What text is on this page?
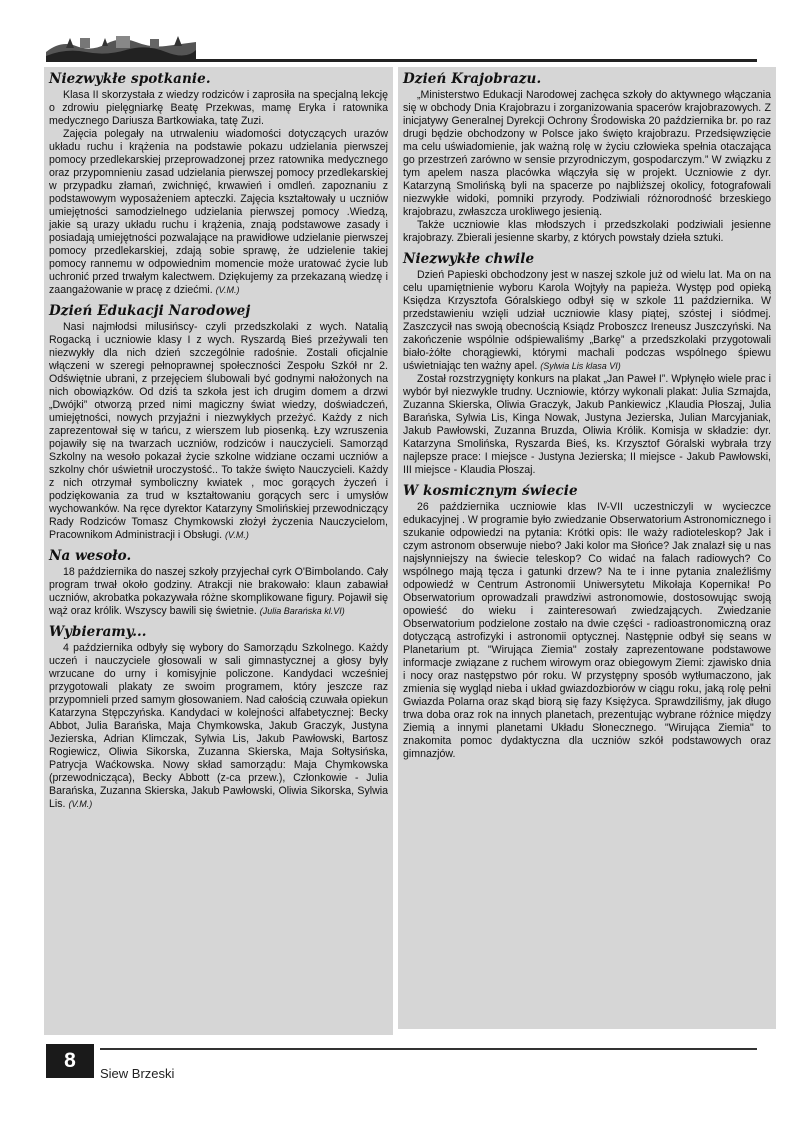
Niezwykłe spotkanie.

Klasa II skorzystała z wiedzy rodziców i zaprosiła na specjalną lekcję o zdrowiu pielęgniarkę Beatę Przekwas, mamę Eryka i ratownika medycznego Dariusza Bartkowiaka, tatę Zuzi.

Zajęcia polegały na utrwaleniu wiadomości dotyczących urazów układu ruchu i krążenia na podstawie pokazu udzielania pierwszej pomocy przedlekarskiej przeprowadzonej przez ratownika medycznego oraz przypomnieniu zasad udzielania pierwszej pomocy przedlekarskiej w przypadku złamań, zwichnięć, krwawień i omdleń. zapoznaniu z podstawowym wyposażeniem apteczki. Zajęcia kształtowały u uczniów umiejętności samodzielnego udzielania pierwszej pomocy .Wiedzą, jakie są urazy układu ruchu i krążenia, znają podstawowe zasady i posiadają umiejętności pozwalające na prawidłowe udzielanie pierwszej pomocy przedlekarskiej, zdają sobie sprawę, że udzielenie takiej pomocy rannemu w odpowiednim momencie może uratować życie lub uchronić przed trwałym kalectwem. Dziękujemy za przekazaną wiedzę i zaangażowanie w pracę z dziećmi. (V.M.)

Dzień Edukacji Narodowej

Nasi najmłodsi milusińscy- czyli przedszkolaki z wych. Natalią Rogacką i uczniowie klasy I z wych. Ryszardą Bieś przeżywali ten niezwykły dla nich dzień szczególnie radośnie. Zostali oficjalnie włączeni w szeregi pełnoprawnej społeczności Zespołu Szkół nr 2. Odświętnie ubrani, z przejęciem ślubowali być godnymi nałożonych na nich obowiązków. Od dziś ta szkoła jest ich drugim domem a drzwi „Dwójki” otworzą przed nimi magiczny świat wiedzy, doświadczeń, umiejętności, nowych przyjaźni i niezwykłych przeżyć. Każdy z nich zaprezentował się w tańcu, z wierszem lub piosenką. Łzy wzruszenia pojawiły się na twarzach uczniów, rodziców i nauczycieli. Samorząd Szkolny na wesoło pokazał życie szkolne widziane oczami uczniów a szkolny chór uświetnił uroczystość.. To także święto Nauczycieli. Każdy z nich otrzymał symboliczny kwiatek , moc gorących życzeń i podziękowania za trud w kształtowaniu gorących serc i umysłów wychowanków. Na ręce dyrektor Katarzyny Smolińskiej przewodniczący Rady Rodziców Tomasz Chymkowski złożył życzenia Nauczycielom, Pracownikom Administracji i Obsługi. (V.M.)

Na wesoło.

18 października do naszej szkoły przyjechał cyrk O'Bimbolando. Cały program trwał około godziny. Atrakcji nie brakowało: klaun zabawiał uczniów, akrobatka pokazywała różne skomplikowane figury. Pojawił się wąż oraz królik. Wszyscy bawili się świetnie. (Julia Barańska kl.VI)

Wybieramy...

4 października odbyły się wybory do Samorządu Szkolnego. Każdy uczeń i nauczyciele głosowali w sali gimnastycznej a głosy były wrzucane do urny i komisyjnie policzone. Kandydaci wcześniej przygotowali plakaty ze swoim programem, który jeszcze raz przypomnieli przed samym głosowaniem. Nad całością czuwała opiekun Katarzyna Stępczyńska. Kandydaci w kolejności alfabetycznej: Becky Abbot, Julia Barańska, Maja Chymkowska, Jakub Graczyk, Justyna Jezierska, Adrian Klimczak, Sylwia Lis, Jakub Pawłowski, Bartosz Rogiewicz, Oliwia Sikorska, Zuzanna Skierska, Maja Sołtysińska, Patrycja Waćkowska. Nowy skład samorządu: Maja Chymkowska (przewodnicząca), Becky Abbott (z-ca przew.), Członkowie - Julia Barańska, Zuzanna Skierska, Jakub Pawłowski, Oliwia Sikorska, Sylwia Lis. (V.M.)

Dzień Krajobrazu.

„Ministerstwo Edukacji Narodowej zachęca szkoły do aktywnego włączania się w obchody Dnia Krajobrazu i zorganizowania spacerów krajobrazowych. Z inicjatywy Generalnej Dyrekcji Ochrony Środowiska 20 października br. po raz drugi będzie obchodzony w Polsce jako święto krajobrazu. Przedsięwzięcie ma celu uświadomienie, jak ważną rolę w życiu człowieka spełnia otaczająca go przestrzeń zarówno w sensie przyrodniczym, gospodarczym.” W związku z tym apelem nasza placówka włączyła się w projekt. Uczniowie z dyr. Katarzyną Smolińską byli na spacerze po najbliższej okolicy, fotografowali niezwykłe widoki, pomniki przyrody. Podziwiali różnorodność brzeskiego krajobrazu, zwłaszcza urokliwego jesienią.

Także uczniowie klas młodszych i przedszkolaki podziwiali jesienne krajobrazy. Zbierali jesienne skarby, z których powstały dzieła sztuki.

Niezwykłe chwile

Dzień Papieski obchodzony jest w naszej szkole już od wielu lat. Ma on na celu upamiętnienie wyboru Karola Wojtyły na papieża. Występ pod opieką Księdza Krzysztofa Góralskiego odbył się w szkole 11 października. W przedstawieniu wzięli udział uczniowie klasy piątej, szóstej i siódmej. Zaszczycił nas swoją obecnością Ksiądz Proboszcz Ireneusz Juszczyński. Na zakończenie wspólnie odśpiewaliśmy „Barkę” a przedszkolaki przygotowali biało-żółte chorągiewki, którymi machali podczas wspólnego śpiewu uświetniając ten ważny apel. (Sylwia Lis klasa VI)

Został rozstrzygnięty konkurs na plakat „Jan Paweł I”. Wpłynęło wiele prac i wybór był niezwykle trudny. Uczniowie, którzy wykonali plakat: Julia Szmajda, Zuzanna Skierska, Oliwia Graczyk, Jakub Pankiewicz ,Klaudia Płoszaj, Julia Barańska, Sylwia Lis, Kinga Nowak, Justyna Jezierska, Julian Marcyjaniak, Jakub Pawłowski, Zuzanna Bruzda, Oliwia Królik. Komisja w składzie: dyr. Katarzyna Smolińska, Ryszarda Bieś, ks. Krzysztof Góralski wybrała trzy najlepsze prace: I miejsce - Justyna Jezierska; II miejsce - Jakub Pawłowski, III miejsce - Klaudia Płoszaj.

W kosmicznym świecie

26 października uczniowie klas IV-VII uczestniczyli w wycieczce edukacyjnej . W programie było zwiedzanie Obserwatorium Astronomicznego i szukanie odpowiedzi na pytania: Krótki opis: Ile waży radioteleskop? Jak i czym astronom obserwuje niebo? Jaki kolor ma Słońce? Jak znalazł się u nas najsłynniejszy na świecie teleskop? Co widać na falach radiowych? Co wspólnego mają tęcza i gatunki drzew? Na te i inne pytania znaleźliśmy odpowiedź w Centrum Astronomii Uniwersytetu Mikołaja Kopernika! Po Obserwatorium oprowadzali prawdziwi astronomowie, dostosowując swoją opowieść do wieku i zainteresowań zwiedzających. Zwiedzanie Obserwatorium podzielone zostało na dwie części - radioastronomiczną oraz dotyczącą astrofizyki i astronomii optycznej. Następnie odbył się seans w Planetarium pt. "Wirująca Ziemia" zostały zaprezentowane podstawowe informacje związane z ruchem wirowym oraz obiegowym Ziemi: zjawisko dnia i nocy oraz następstwo pór roku. W przystępny sposób wytłumaczono, jak zmienia się wygląd nieba i układ gwiazdozbiorów w ciągu roku, jaką rolę pełni Gwiazda Polarna oraz skąd biorą się fazy Księżyca. Sprawdziliśmy, jak długo trwa doba oraz rok na innych planetach, prezentując wybrane różnice między Ziemią a innymi planetami Układu Słonecznego. "Wirująca Ziemia" to znakomita pomoc dydaktyczna dla uczniów szkół podstawowych oraz gimnazjów.

8
Siew Brzeski
